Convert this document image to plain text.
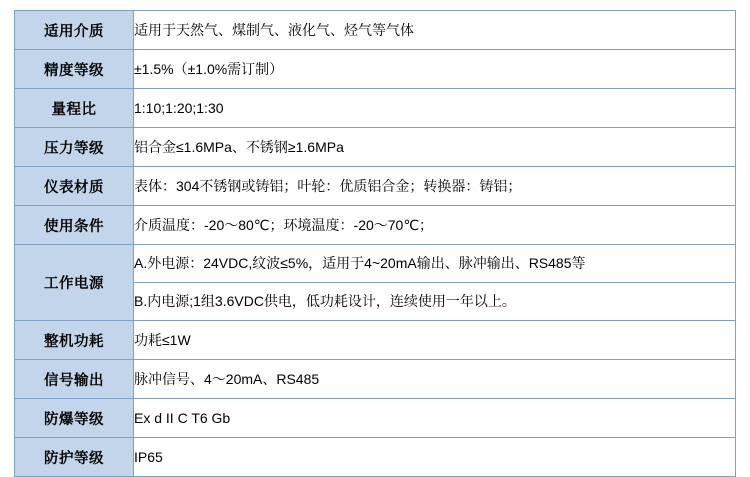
适用介质	适用于天然气、煤制气、液化气、烃气等气体
精度等级	±1.5%（±1.0%需订制）
量程比	1:10;1:20;1:30
压力等级	铝合金≤1.6MPa、不锈钢≥1.6MPa
仪表材质	表体：304不锈钢或铸铝；叶轮：优质铝合金；转换器：铸铝；
使用条件	介质温度：-20～80℃；环境温度：-20～70℃；
工作电源	A.外电源：24VDC,纹波≤5%，适用于4~20mA输出、脉冲输出、RS485等
	B.内电源;1组3.6VDC供电，低功耗设计，连续使用一年以上。
整机功耗	功耗≤1W
信号输出	脉冲信号、4～20mA、RS485
防爆等级	Ex d II C T6 Gb
防护等级	IP65
